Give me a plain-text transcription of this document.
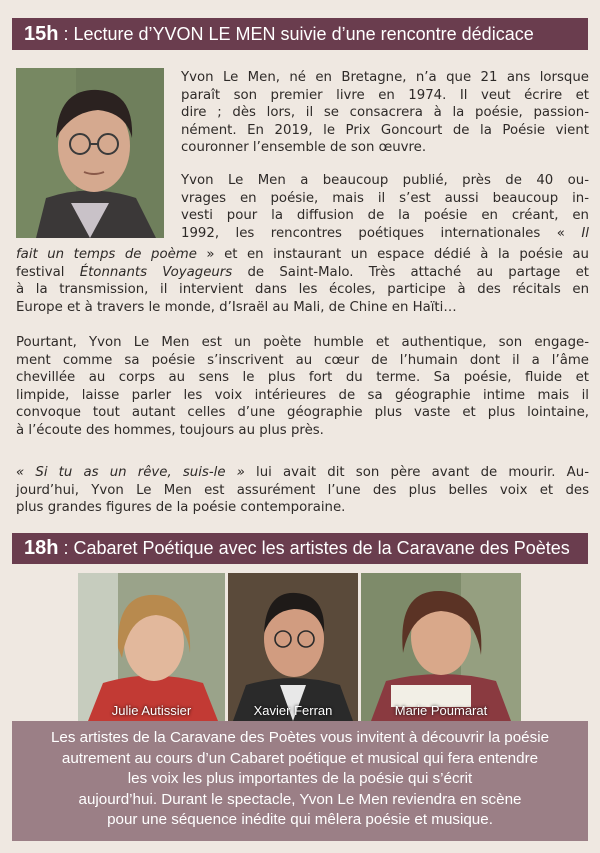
15h : Lecture d’YVON LE MEN suivie d’une rencontre dédicace
Yvon Le Men, né en Bretagne, n’a que 21 ans lorsque
paraît son premier livre en 1974. Il veut écrire et
dire ; dès lors, il se consacrera à la poésie, passion-
nément. En 2019, le Prix Goncourt de la Poésie vient
couronner l’ensemble de son œuvre.
Yvon Le Men a beaucoup publié, près de 40 ou-
vrages en poésie, mais il s’est aussi beaucoup in-
vesti pour la diffusion de la poésie en créant, en
1992, les rencontres poétiques internationales « Il
fait un temps de poème » et en instaurant un espace dédié à la poésie au
festival Étonnants Voyageurs de Saint-Malo. Très attaché au partage et
à la transmission, il intervient dans les écoles, participe à des récitals en
Europe et à travers le monde, d’Israël au Mali, de Chine en Haïti…
Pourtant, Yvon Le Men est un poète humble et authentique, son engage-
ment comme sa poésie s’inscrivent au cœur de l’humain dont il a l’âme
chevillée au corps au sens le plus fort du terme. Sa poésie, fluide et
limpide, laisse parler les voix intérieures de sa géographie intime mais il
convoque tout autant celles d’une géographie plus vaste et plus lointaine,
à l’écoute des hommes, toujours au plus près.
« Si tu as un rêve, suis-le » lui avait dit son père avant de mourir. Au-
jourd’hui, Yvon Le Men est assurément l’une des plus belles voix et des
plus grandes figures de la poésie contemporaine.
18h : Cabaret Poétique avec les artistes de la Caravane des Poètes
Julie Autissier	Xavier Ferran	Marie Poumarat
Les artistes de la Caravane des Poètes vous invitent à découvrir la poésie
autrement au cours d’un Cabaret poétique et musical qui fera entendre
les voix les plus importantes de la poésie qui s’écrit
aujourd’hui. Durant le spectacle, Yvon Le Men reviendra en scène
pour une séquence inédite qui mêlera poésie et musique.
